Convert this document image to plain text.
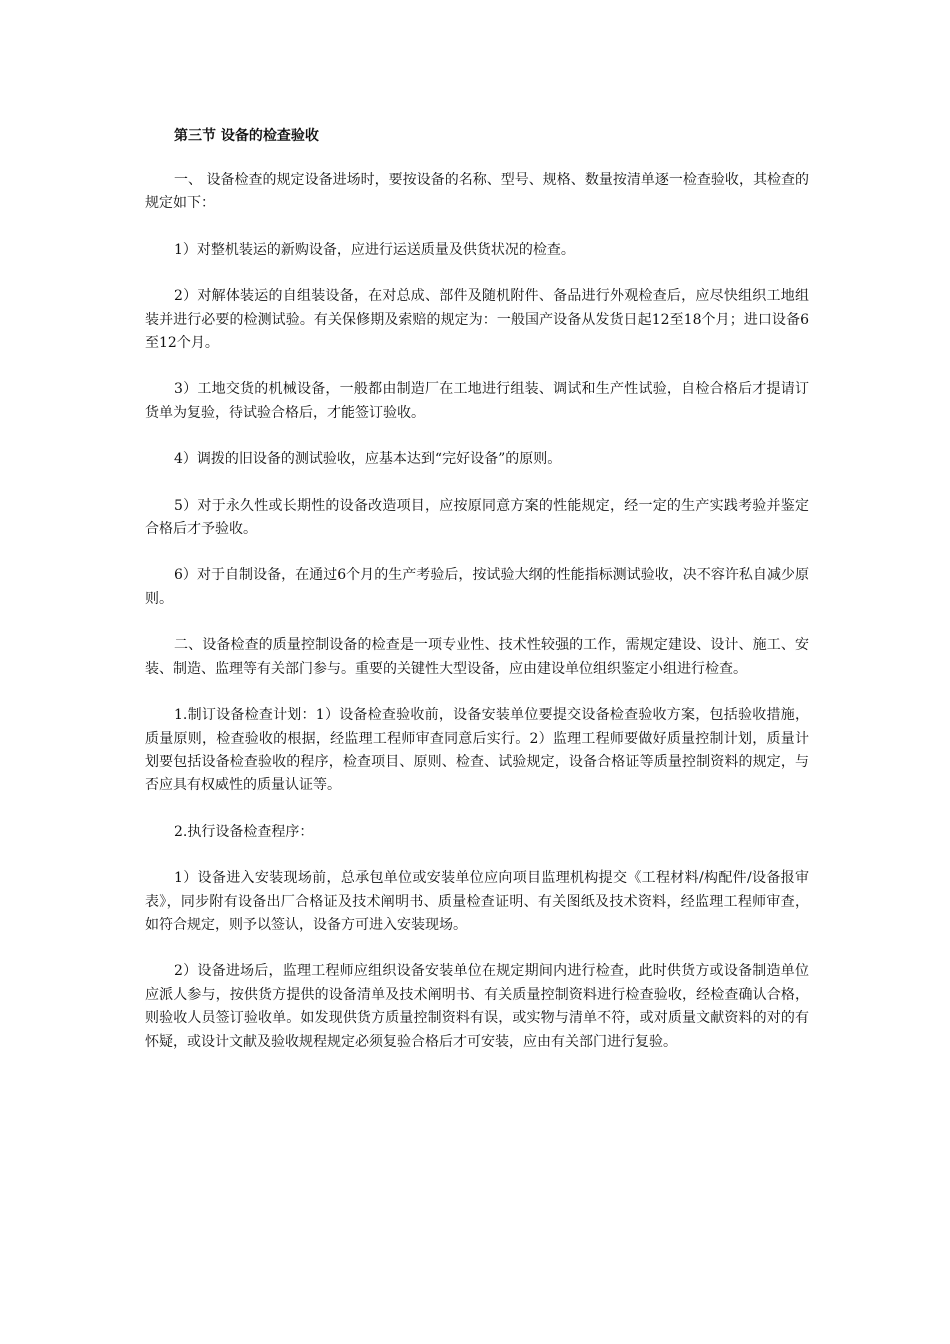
第三节 设备的检查验收

一、 设备检查的规定设备进场时，要按设备的名称、型号、规格、数量按清单逐一检查验收，其检查的规定如下：

1）对整机装运的新购设备，应进行运送质量及供货状况的检查。

2）对解体装运的自组装设备，在对总成、部件及随机附件、备品进行外观检查后，应尽快组织工地组装并进行必要的检测试验。有关保修期及索赔的规定为：一般国产设备从发货日起12至18个月；进口设备6至12个月。

3）工地交货的机械设备，一般都由制造厂在工地进行组装、调试和生产性试验，自检合格后才提请订货单为复验，待试验合格后，才能签订验收。

4）调拨的旧设备的测试验收，应基本达到“完好设备”的原则。

5）对于永久性或长期性的设备改造项目，应按原同意方案的性能规定，经一定的生产实践考验并鉴定合格后才予验收。

6）对于自制设备，在通过6个月的生产考验后，按试验大纲的性能指标测试验收，决不容许私自减少原则。

二、设备检查的质量控制设备的检查是一项专业性、技术性较强的工作，需规定建设、设计、施工、安装、制造、监理等有关部门参与。重要的关键性大型设备，应由建设单位组织鉴定小组进行检查。

1.制订设备检查计划：1）设备检查验收前，设备安装单位要提交设备检查验收方案，包括验收措施，质量原则，检查验收的根据，经监理工程师审查同意后实行。2）监理工程师要做好质量控制计划，质量计划要包括设备检查验收的程序，检查项目、原则、检查、试验规定，设备合格证等质量控制资料的规定，与否应具有权威性的质量认证等。

2.执行设备检查程序：

1）设备进入安装现场前，总承包单位或安装单位应向项目监理机构提交《工程材料/构配件/设备报审表》，同步附有设备出厂合格证及技术阐明书、质量检查证明、有关图纸及技术资料，经监理工程师审查，如符合规定，则予以签认，设备方可进入安装现场。

2）设备进场后，监理工程师应组织设备安装单位在规定期间内进行检查，此时供货方或设备制造单位应派人参与，按供货方提供的设备清单及技术阐明书、有关质量控制资料进行检查验收，经检查确认合格，则验收人员签订验收单。如发现供货方质量控制资料有误，或实物与清单不符，或对质量文献资料的对的有怀疑，或设计文献及验收规程规定必须复验合格后才可安装，应由有关部门进行复验。
